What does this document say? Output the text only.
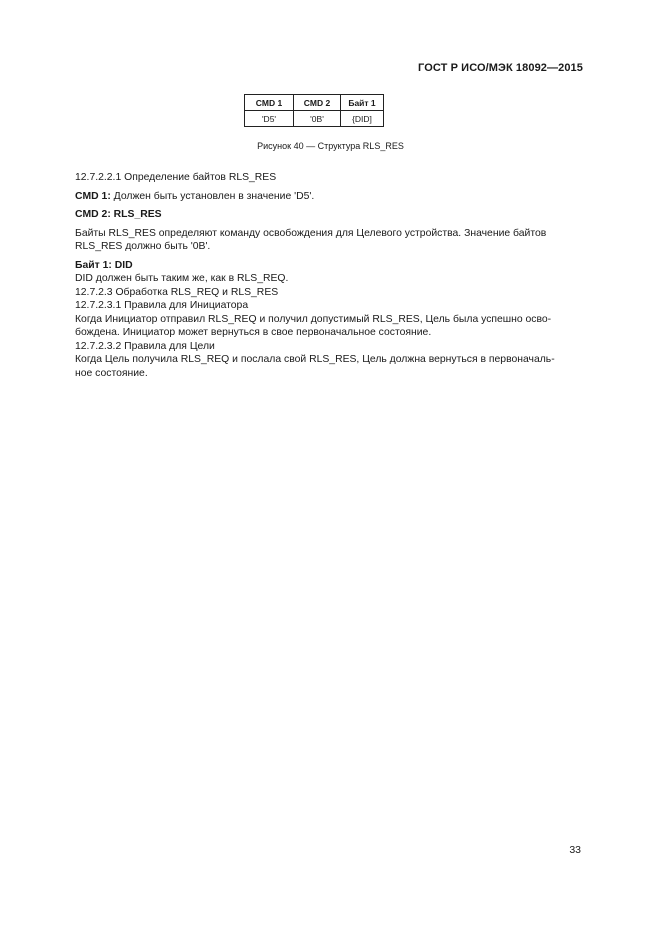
ГОСТ Р ИСО/МЭК 18092—2015
CMD 1	CMD 2	Байт 1
'D5'	'0B'	{DID]
Рисунок 40 — Структура RLS_RES

12.7.2.2.1 Определение байтов RLS_RES

CMD 1: Должен быть установлен в значение 'D5'.

CMD 2: RLS_RES

Байты RLS_RES определяют команду освобождения для Целевого устройства. Значение байтов

RLS_RES должно быть '0B'.

Байт 1: DID

DID должен быть таким же, как в RLS_REQ.

12.7.2.3 Обработка RLS_REQ и RLS_RES

12.7.2.3.1 Правила для Инициатора

Когда Инициатор отправил RLS_REQ и получил допустимый RLS_RES, Цель была успешно осво-

бождена. Инициатор может вернуться в свое первоначальное состояние.

12.7.2.3.2 Правила для Цели

Когда Цель получила RLS_REQ и послала свой RLS_RES, Цель должна вернуться в первоначаль-

ное состояние.

33
